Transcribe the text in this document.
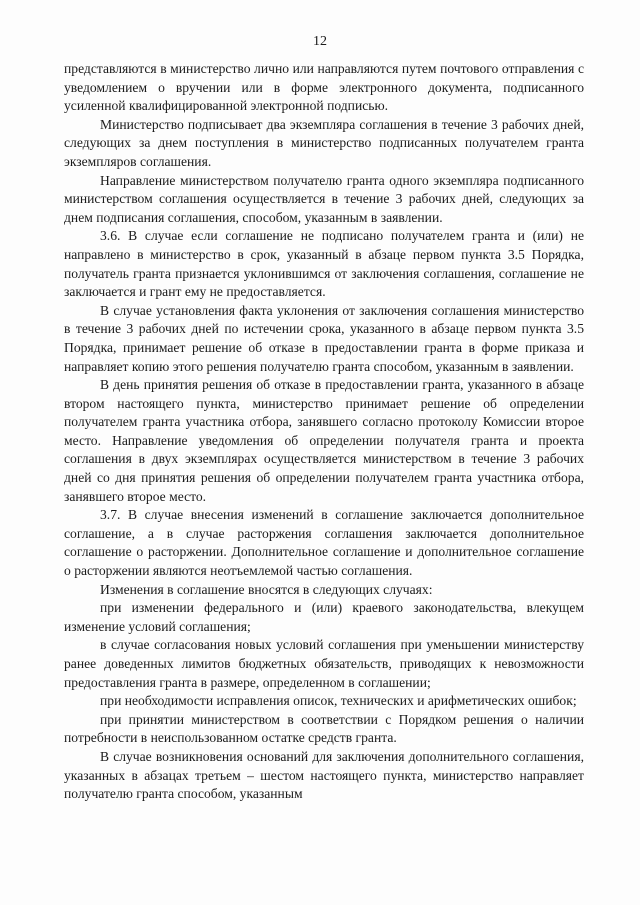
12

представляются в министерство лично или направляются путем почтового отправления с уведомлением о вручении или в форме электронного документа, подписанного усиленной квалифицированной электронной подписью.

Министерство подписывает два экземпляра соглашения в течение 3 рабочих дней, следующих за днем поступления в министерство подписанных получателем гранта экземпляров соглашения.

Направление министерством получателю гранта одного экземпляра подписанного министерством соглашения осуществляется в течение 3 рабочих дней, следующих за днем подписания соглашения, способом, указанным в заявлении.

3.6. В случае если соглашение не подписано получателем гранта и (или) не направлено в министерство в срок, указанный в абзаце первом пункта 3.5 Порядка, получатель гранта признается уклонившимся от заключения соглашения, соглашение не заключается и грант ему не предоставляется.

В случае установления факта уклонения от заключения соглашения министерство в течение 3 рабочих дней по истечении срока, указанного в абзаце первом пункта 3.5 Порядка, принимает решение об отказе в предоставлении гранта в форме приказа и направляет копию этого решения получателю гранта способом, указанным в заявлении.

В день принятия решения об отказе в предоставлении гранта, указанного в абзаце втором настоящего пункта, министерство принимает решение об определении получателем гранта участника отбора, занявшего согласно протоколу Комиссии второе место. Направление уведомления об определении получателя гранта и проекта соглашения в двух экземплярах осуществляется министерством в течение 3 рабочих дней со дня принятия решения об определении получателем гранта участника отбора, занявшего второе место.

3.7. В случае внесения изменений в соглашение заключается дополнительное соглашение, а в случае расторжения соглашения заключается дополнительное соглашение о расторжении. Дополнительное соглашение и дополнительное соглашение о расторжении являются неотъемлемой частью соглашения.

Изменения в соглашение вносятся в следующих случаях:

при изменении федерального и (или) краевого законодательства, влекущем изменение условий соглашения;

в случае согласования новых условий соглашения при уменьшении министерству ранее доведенных лимитов бюджетных обязательств, приводящих к невозможности предоставления гранта в размере, определенном в соглашении;

при необходимости исправления описок, технических и арифметических ошибок;

при принятии министерством в соответствии с Порядком решения о наличии потребности в неиспользованном остатке средств гранта.

В случае возникновения оснований для заключения дополнительного соглашения, указанных в абзацах третьем – шестом настоящего пункта, министерство направляет получателю гранта способом, указанным
